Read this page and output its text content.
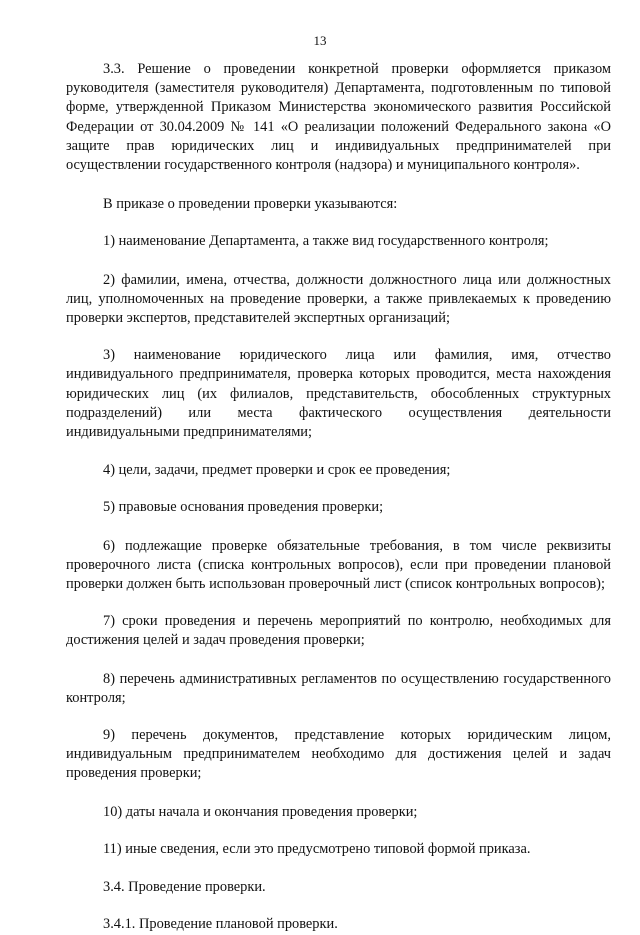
13

3.3. Решение о проведении конкретной проверки оформляется приказом руководителя (заместителя руководителя) Департамента, подготовленным по типовой форме, утвержденной Приказом Министерства экономического развития Российской Федерации от 30.04.2009 № 141 «О реализации положений Федерального закона «О защите прав юридических лиц и индивидуальных предпринимателей при осуществлении государственного контроля (надзора) и муниципального контроля».

В приказе о проведении проверки указываются:

1) наименование Департамента, а также вид государственного контроля;

2) фамилии, имена, отчества, должности должностного лица или должностных лиц, уполномоченных на проведение проверки, а также привлекаемых к проведению проверки экспертов, представителей экспертных организаций;

3) наименование юридического лица или фамилия, имя, отчество индивидуального предпринимателя, проверка которых проводится, места нахождения юридических лиц (их филиалов, представительств, обособленных структурных подразделений) или места фактического осуществления деятельности индивидуальными предпринимателями;

4) цели, задачи, предмет проверки и срок ее проведения;

5) правовые основания проведения проверки;

6) подлежащие проверке обязательные требования, в том числе реквизиты проверочного листа (списка контрольных вопросов), если при проведении плановой проверки должен быть использован проверочный лист (список контрольных вопросов);

7) сроки проведения и перечень мероприятий по контролю, необходимых для достижения целей и задач проведения проверки;

8) перечень административных регламентов по осуществлению государственного контроля;

9) перечень документов, представление которых юридическим лицом, индивидуальным предпринимателем необходимо для достижения целей и задач проведения проверки;

10) даты начала и окончания проведения проверки;

11) иные сведения, если это предусмотрено типовой формой приказа.

3.4. Проведение проверки.

3.4.1. Проведение плановой проверки.
